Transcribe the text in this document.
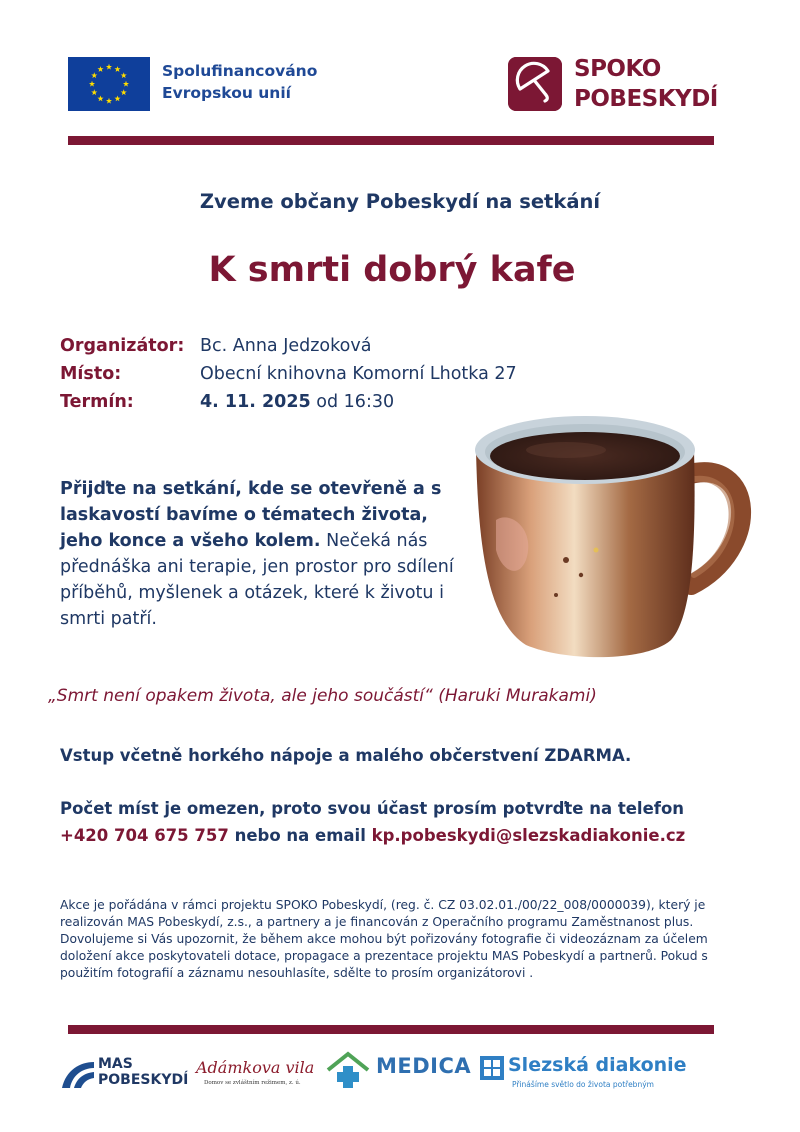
Spolufinancováno
Evropskou unií
SPOKO
POBESKYDÍ
Zveme občany Pobeskydí na setkání
K smrti dobrý kafe
Organizátor: Bc. Anna Jedzoková
Místo:	Obecní knihovna Komorní Lhotka 27
Termín:	4. 11. 2025 od 16:30
Přijďte na setkání, kde se otevřeně a s laskavostí bavíme o tématech života, jeho konce a všeho kolem. Nečeká nás přednáška ani terapie, jen prostor pro sdílení příběhů, myšlenek a otázek, které k životu i smrti patří.
„Smrt není opakem života, ale jeho součástí“ (Haruki Murakami)
Vstup včetně horkého nápoje a malého občerstvení ZDARMA.
Počet míst je omezen, proto svou účast prosím potvrďte na telefon
+420 704 675 757 nebo na email kp.pobeskydi@slezskadiakonie.cz

Akce je pořádána v rámci projektu SPOKO Pobeskydí, (reg. č. CZ 03.02.01./00/22_008/0000039), který je realizován MAS Pobeskydí, z.s., a partnery a je financován z Operačního programu Zaměstnanost plus.

Dovolujeme si Vás upozornit, že během akce mohou být pořizovány fotografie či videozáznam za účelem doložení akce poskytovateli dotace, propagace a prezentace projektu MAS Pobeskydí a partnerů. Pokud s použitím fotografií a záznamu nesouhlasíte, sdělte to prosím organizátorovi .

MAS
POBESKYDÍ
Adámkova vila
Domov se zvláštním režimem, z. ú.
MEDICA Slezská diakonie
Přinášíme světlo do života potřebným
